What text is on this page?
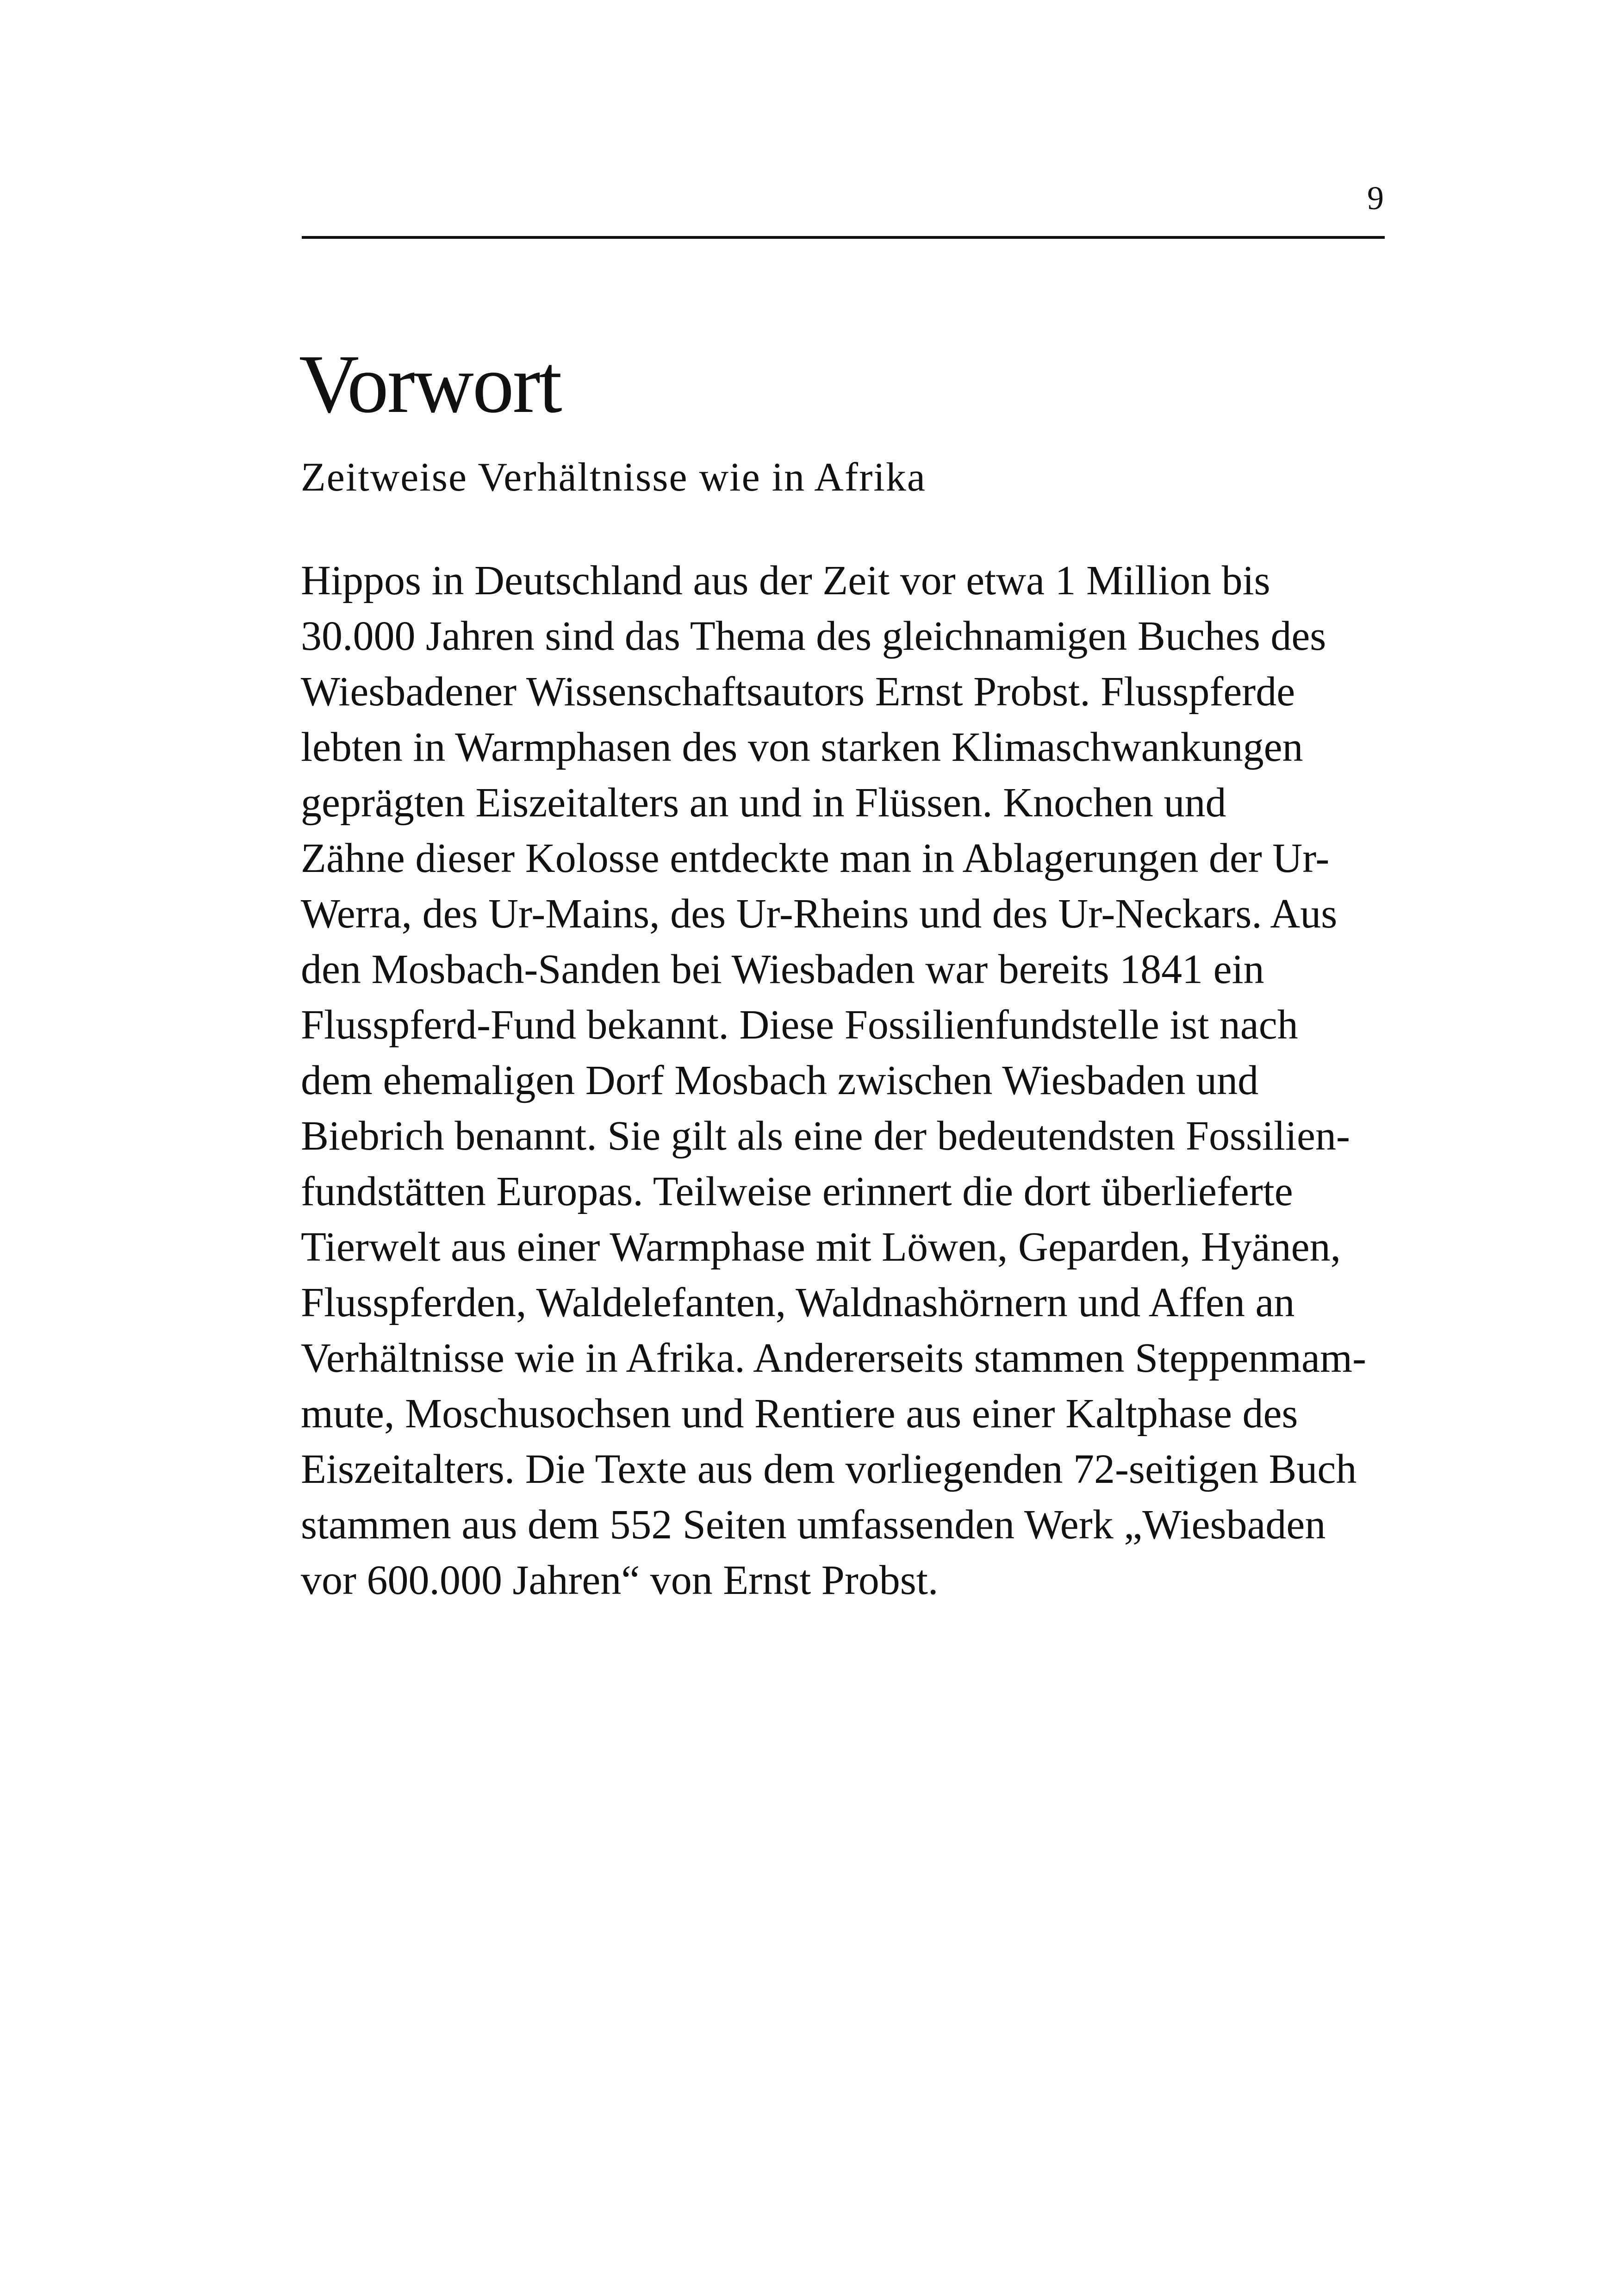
9
Vorwort
Zeitweise Verhältnisse wie in Afrika

Hippos in Deutschland aus der Zeit vor etwa 1 Million bis
30.000 Jahren sind das Thema des gleichnamigen Buches des
Wiesbadener Wissenschaftsautors Ernst Probst. Flusspferde
lebten in Warmphasen des von starken Klimaschwankungen
geprägten Eiszeitalters an und in Flüssen. Knochen und
Zähne dieser Kolosse entdeckte man in Ablagerungen der Ur-
Werra, des Ur-Mains, des Ur-Rheins und des Ur-Neckars. Aus
den Mosbach-Sanden bei Wiesbaden war bereits 1841 ein
Flusspferd-Fund bekannt. Diese Fossilienfundstelle ist nach
dem ehemaligen Dorf Mosbach zwischen Wiesbaden und
Biebrich benannt. Sie gilt als eine der bedeutendsten Fossilien-
fundstätten Europas. Teilweise erinnert die dort überlieferte
Tierwelt aus einer Warmphase mit Löwen, Geparden, Hyänen,
Flusspferden, Waldelefanten, Waldnashörnern und Affen an
Verhältnisse wie in Afrika. Andererseits stammen Steppenmam-
mute, Moschusochsen und Rentiere aus einer Kaltphase des
Eiszeitalters. Die Texte aus dem vorliegenden 72-seitigen Buch
stammen aus dem 552 Seiten umfassenden Werk „Wiesbaden
vor 600.000 Jahren“ von Ernst Probst.
